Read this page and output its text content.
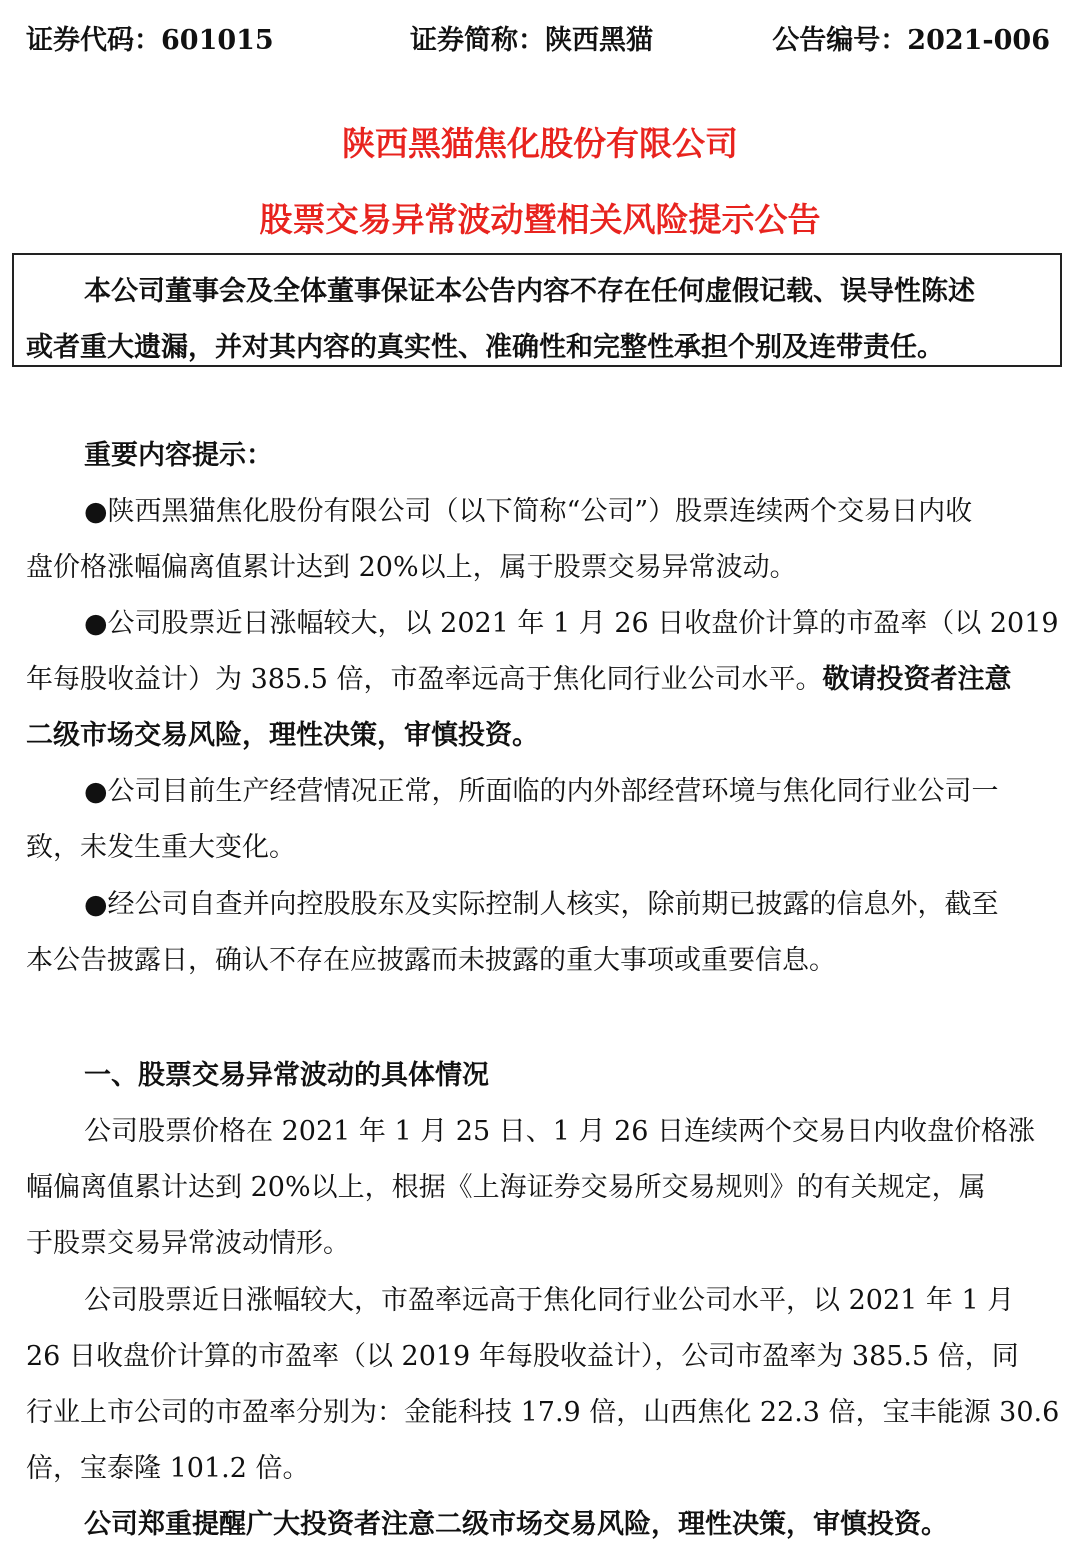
证券代码：601015	证券简称：陕西黑猫	公告编号：2021-006
陕西黑猫焦化股份有限公司
股票交易异常波动暨相关风险提示公告
本公司董事会及全体董事保证本公告内容不存在任何虚假记载、误导性陈述
或者重大遗漏，并对其内容的真实性、准确性和完整性承担个别及连带责任。
重要内容提示：
●陕西黑猫焦化股份有限公司（以下简称“公司”）股票连续两个交易日内收
盘价格涨幅偏离值累计达到 20%以上，属于股票交易异常波动。
●公司股票近日涨幅较大，以 2021 年 1 月 26 日收盘价计算的市盈率（以 2019
年每股收益计）为 385.5 倍，市盈率远高于焦化同行业公司水平。敬请投资者注意
二级市场交易风险，理性决策，审慎投资。
●公司目前生产经营情况正常，所面临的内外部经营环境与焦化同行业公司一
致，未发生重大变化。
●经公司自查并向控股股东及实际控制人核实，除前期已披露的信息外，截至
本公告披露日，确认不存在应披露而未披露的重大事项或重要信息。
一、股票交易异常波动的具体情况
公司股票价格在 2021 年 1 月 25 日、1 月 26 日连续两个交易日内收盘价格涨
幅偏离值累计达到 20%以上，根据《上海证券交易所交易规则》的有关规定，属
于股票交易异常波动情形。
公司股票近日涨幅较大，市盈率远高于焦化同行业公司水平，以 2021 年 1 月
26 日收盘价计算的市盈率（以 2019 年每股收益计），公司市盈率为 385.5 倍，同
行业上市公司的市盈率分别为：金能科技 17.9 倍，山西焦化 22.3 倍，宝丰能源 30.6
倍，宝泰隆 101.2 倍。
公司郑重提醒广大投资者注意二级市场交易风险，理性决策，审慎投资。
